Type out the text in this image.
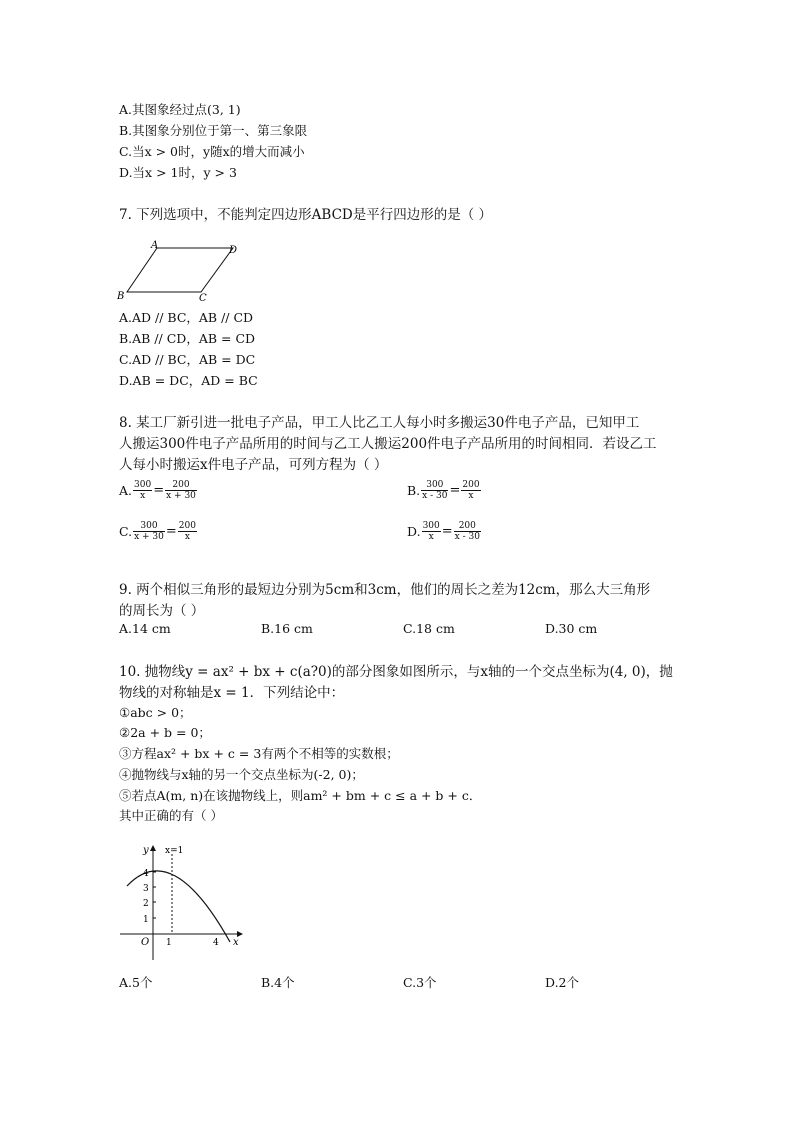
A.其图象经过点(3, 1)
B.其图象分别位于第一、第三象限
C.当x > 0时，y随x的增大而减小
D.当x > 1时，y > 3
7. 下列选项中，不能判定四边形ABCD是平行四边形的是（ ）
A	D
B	C
A.AD // BC，AB // CD
B.AB // CD，AB = CD
C.AD // BC，AB = DC
D.AB = DC，AD = BC
8. 某工厂新引进一批电子产品，甲工人比乙工人每小时多搬运30件电子产品，已知甲工
人搬运300件电子产品所用的时间与乙工人搬运200件电子产品所用的时间相同．若设乙工
人每小时搬运x件电子产品，可列方程为（ ）
A. $\frac{300}{x} = \frac{200}{x + 30}$	B. $\frac{300}{x - 30} = \frac{200}{x}$
C. $\frac{300}{x + 30} = \frac{200}{x}$	D. $\frac{300}{x} = \frac{200}{x - 30}$
9. 两个相似三角形的最短边分别为5cm和3cm，他们的周长之差为12cm，那么大三角形
的周长为（ ）
A.14 cm	B.16 cm	C.18 cm	D.30 cm
10. 抛物线y = ax² + bx + c(a?0)的部分图象如图所示，与x轴的一个交点坐标为(4, 0)，抛
物线的对称轴是x = 1．下列结论中：
①abc > 0；
②2a + b = 0；
③方程ax² + bx + c = 3有两个不相等的实数根；
④抛物线与x轴的另一个交点坐标为(-2, 0)；
⑤若点A(m, n)在该抛物线上，则am² + bm + c ≤ a + b + c．
其中正确的有（ ）
y
x
O
x=1
4
3
2
1
1	4
A.5个	B.4个	C.3个	D.2个
